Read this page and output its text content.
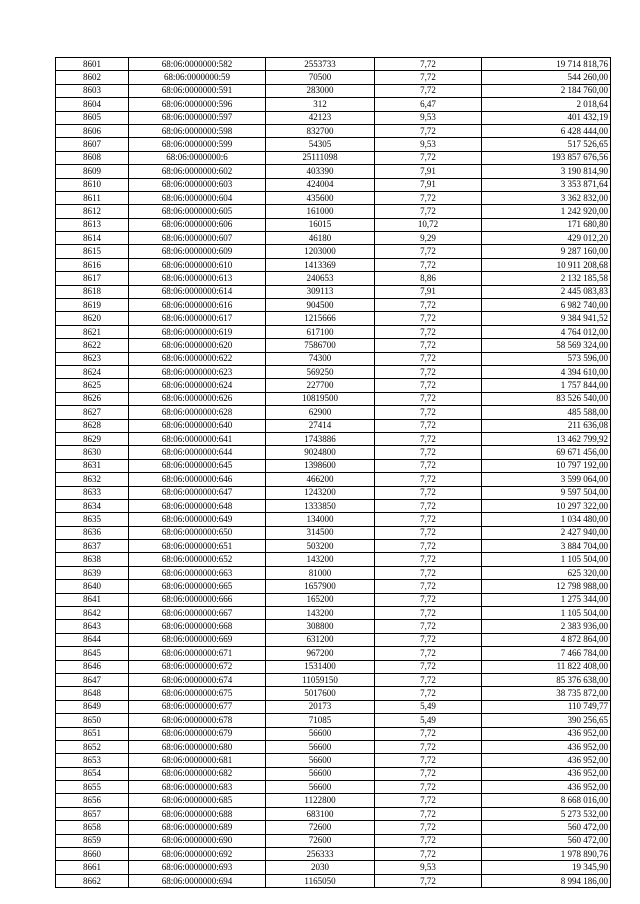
8601	68:06:0000000:582	2553733	7,72	19 714 818,76
8602	68:06:0000000:59	70500	7,72	544 260,00
8603	68:06:0000000:591	283000	7,72	2 184 760,00
8604	68:06:0000000:596	312	6,47	2 018,64
8605	68:06:0000000:597	42123	9,53	401 432,19
8606	68:06:0000000:598	832700	7,72	6 428 444,00
8607	68:06:0000000:599	54305	9,53	517 526,65
8608	68:06:0000000:6	25111098	7,72	193 857 676,56
8609	68:06:0000000:602	403390	7,91	3 190 814,90
8610	68:06:0000000:603	424004	7,91	3 353 871,64
8611	68:06:0000000:604	435600	7,72	3 362 832,00
8612	68:06:0000000:605	161000	7,72	1 242 920,00
8613	68:06:0000000:606	16015	10,72	171 680,80
8614	68:06:0000000:607	46180	9,29	429 012,20
8615	68:06:0000000:609	1203000	7,72	9 287 160,00
8616	68:06:0000000:610	1413369	7,72	10 911 208,68
8617	68:06:0000000:613	240653	8,86	2 132 185,58
8618	68:06:0000000:614	309113	7,91	2 445 083,83
8619	68:06:0000000:616	904500	7,72	6 982 740,00
8620	68:06:0000000:617	1215666	7,72	9 384 941,52
8621	68:06:0000000:619	617100	7,72	4 764 012,00
8622	68:06:0000000:620	7586700	7,72	58 569 324,00
8623	68:06:0000000:622	74300	7,72	573 596,00
8624	68:06:0000000:623	569250	7,72	4 394 610,00
8625	68:06:0000000:624	227700	7,72	1 757 844,00
8626	68:06:0000000:626	10819500	7,72	83 526 540,00
8627	68:06:0000000:628	62900	7,72	485 588,00
8628	68:06:0000000:640	27414	7,72	211 636,08
8629	68:06:0000000:641	1743886	7,72	13 462 799,92
8630	68:06:0000000:644	9024800	7,72	69 671 456,00
8631	68:06:0000000:645	1398600	7,72	10 797 192,00
8632	68:06:0000000:646	466200	7,72	3 599 064,00
8633	68:06:0000000:647	1243200	7,72	9 597 504,00
8634	68:06:0000000:648	1333850	7,72	10 297 322,00
8635	68:06:0000000:649	134000	7,72	1 034 480,00
8636	68:06:0000000:650	314500	7,72	2 427 940,00
8637	68:06:0000000:651	503200	7,72	3 884 704,00
8638	68:06:0000000:652	143200	7,72	1 105 504,00
8639	68:06:0000000:663	81000	7,72	625 320,00
8640	68:06:0000000:665	1657900	7,72	12 798 988,00
8641	68:06:0000000:666	165200	7,72	1 275 344,00
8642	68:06:0000000:667	143200	7,72	1 105 504,00
8643	68:06:0000000:668	308800	7,72	2 383 936,00
8644	68:06:0000000:669	631200	7,72	4 872 864,00
8645	68:06:0000000:671	967200	7,72	7 466 784,00
8646	68:06:0000000:672	1531400	7,72	11 822 408,00
8647	68:06:0000000:674	11059150	7,72	85 376 638,00
8648	68:06:0000000:675	5017600	7,72	38 735 872,00
8649	68:06:0000000:677	20173	5,49	110 749,77
8650	68:06:0000000:678	71085	5,49	390 256,65
8651	68:06:0000000:679	56600	7,72	436 952,00
8652	68:06:0000000:680	56600	7,72	436 952,00
8653	68:06:0000000:681	56600	7,72	436 952,00
8654	68:06:0000000:682	56600	7,72	436 952,00
8655	68:06:0000000:683	56600	7,72	436 952,00
8656	68:06:0000000:685	1122800	7,72	8 668 016,00
8657	68:06:0000000:688	683100	7,72	5 273 532,00
8658	68:06:0000000:689	72600	7,72	560 472,00
8659	68:06:0000000:690	72600	7,72	560 472,00
8660	68:06:0000000:692	256333	7,72	1 978 890,76
8661	68:06:0000000:693	2030	9,53	19 345,90
8662	68:06:0000000:694	1165050	7,72	8 994 186,00
